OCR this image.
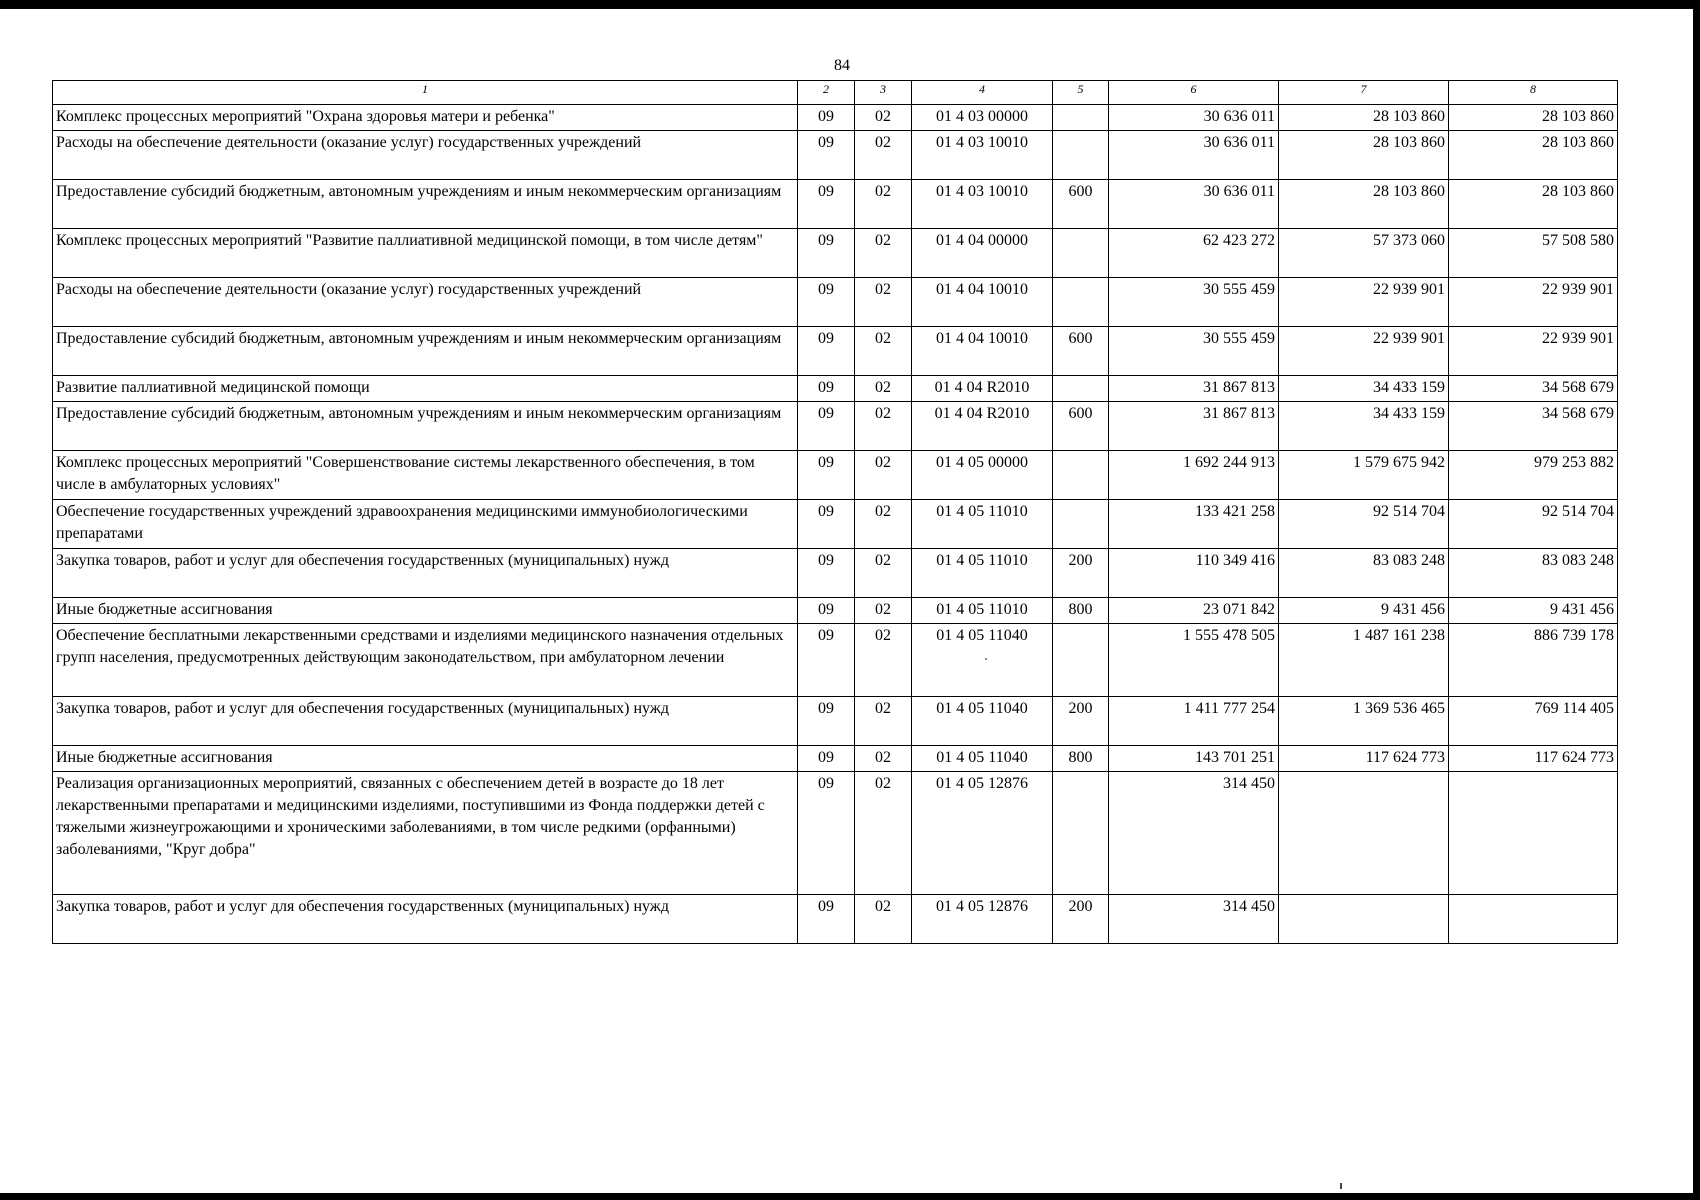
84
1	2	3	4	5	6	7	8
Комплекс процессных мероприятий "Охрана здоровья матери и ребенка"	09	02	01 4 03 00000		30 636 011	28 103 860	28 103 860
Расходы на обеспечение деятельности (оказание услуг) государственных учреждений	09	02	01 4 03 10010		30 636 011	28 103 860	28 103 860
Предоставление субсидий бюджетным, автономным учреждениям и иным некоммерческим организациям	09	02	01 4 03 10010	600	30 636 011	28 103 860	28 103 860
Комплекс процессных мероприятий "Развитие паллиативной медицинской помощи, в том числе детям"	09	02	01 4 04 00000		62 423 272	57 373 060	57 508 580
Расходы на обеспечение деятельности (оказание услуг) государственных учреждений	09	02	01 4 04 10010		30 555 459	22 939 901	22 939 901
Предоставление субсидий бюджетным, автономным учреждениям и иным некоммерческим организациям	09	02	01 4 04 10010	600	30 555 459	22 939 901	22 939 901
Развитие паллиативной медицинской помощи	09	02	01 4 04 R2010		31 867 813	34 433 159	34 568 679
Предоставление субсидий бюджетным, автономным учреждениям и иным некоммерческим организациям	09	02	01 4 04 R2010	600	31 867 813	34 433 159	34 568 679
Комплекс процессных мероприятий "Совершенствование системы лекарственного обеспечения, в том числе в амбулаторных условиях"	09	02	01 4 05 00000		1 692 244 913	1 579 675 942	979 253 882
Обеспечение государственных учреждений здравоохранения медицинскими иммунобиологическими препаратами	09	02	01 4 05 11010		133 421 258	92 514 704	92 514 704
Закупка товаров, работ и услуг для обеспечения государственных (муниципальных) нужд	09	02	01 4 05 11010	200	110 349 416	83 083 248	83 083 248
Иные бюджетные ассигнования	09	02	01 4 05 11010	800	23 071 842	9 431 456	9 431 456
Обеспечение бесплатными лекарственными средствами и изделиями медицинского назначения отдельных групп населения, предусмотренных действующим законодательством, при амбулаторном лечении	09	02	01 4 05 11040		1 555 478 505	1 487 161 238	886 739 178
Закупка товаров, работ и услуг для обеспечения государственных (муниципальных) нужд	09	02	01 4 05 11040	200	1 411 777 254	1 369 536 465	769 114 405
Иные бюджетные ассигнования	09	02	01 4 05 11040	800	143 701 251	117 624 773	117 624 773
Реализация организационных мероприятий, связанных с обеспечением детей в возрасте до 18 лет лекарственными препаратами и медицинскими изделиями, поступившими из Фонда поддержки детей с тяжелыми жизнеугрожающими и хроническими заболеваниями, в том числе редкими (орфанными) заболеваниями, "Круг добра"	09	02	01 4 05 12876		314 450		
Закупка товаров, работ и услуг для обеспечения государственных (муниципальных) нужд	09	02	01 4 05 12876	200	314 450		
